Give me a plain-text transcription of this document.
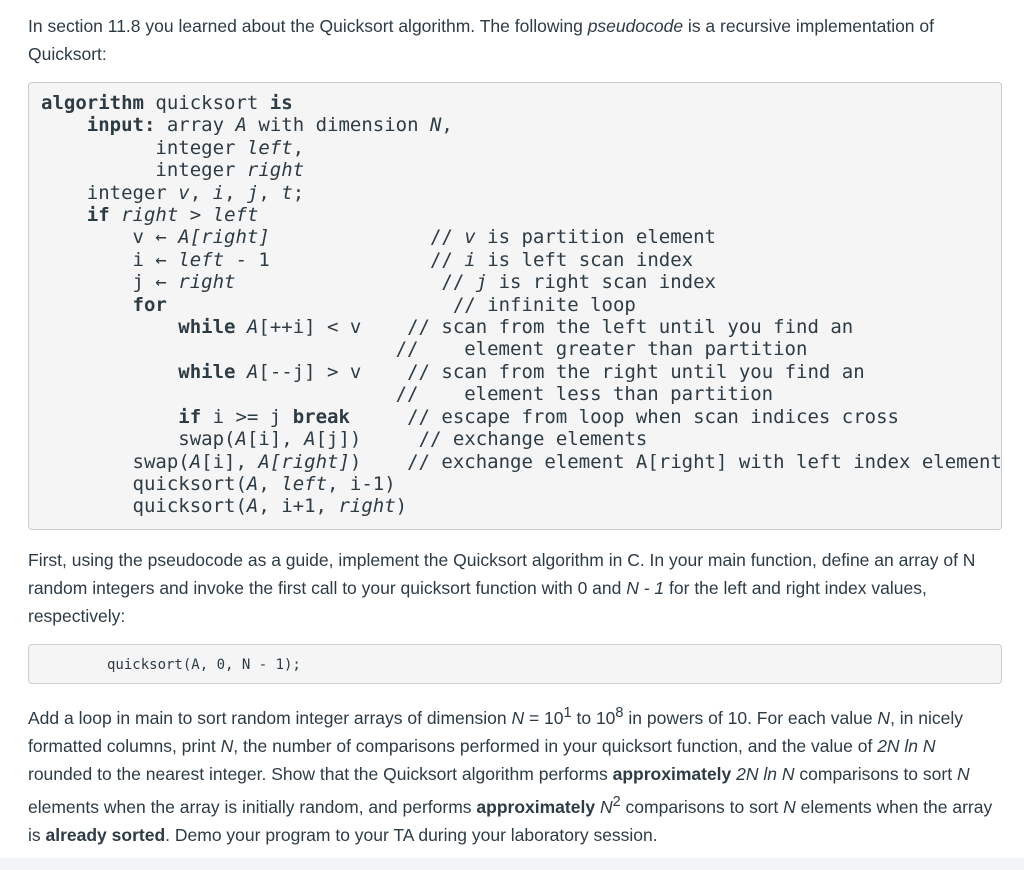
In section 11.8 you learned about the Quicksort algorithm. The following pseudocode is a recursive implementation of Quicksort:

algorithm quicksort is
input: array A with dimension N,
integer left,
integer right
integer v, i, j, t;
if right > left
v ← A[right]	// v is partition element
i ← left - 1	// i is left scan index
j ← right	// j is right scan index
for	// infinite loop
while A[++i] < v // scan from the left until you find an
//    element greater than partition
while A[--j] > v // scan from the right until you find an
//    element less than partition
if i >= j break	// escape from loop when scan indices cross
swap(A[i], A[j])	// exchange elements
swap(A[i], A[right]) // exchange element A[right] with left index element
quicksort(A, left, i-1)
quicksort(A, i+1, right)

First, using the pseudocode as a guide, implement the Quicksort algorithm in C. In your main function, define an array of N random integers and invoke the first call to your quicksort function with 0 and N - 1 for the left and right index values, respectively:

quicksort(A, 0, N - 1);

Add a loop in main to sort random integer arrays of dimension $N = 10^1$ to $10^8$ in powers of 10. For each value N, in nicely formatted columns, print N, the number of comparisons performed in your quicksort function, and the value of 2N ln N rounded to the nearest integer. Show that the Quicksort algorithm performs approximately 2N ln N comparisons to sort N elements when the array is initially random, and performs approximately $N^2$ comparisons to sort N elements when the array is already sorted. Demo your program to your TA during your laboratory session.
